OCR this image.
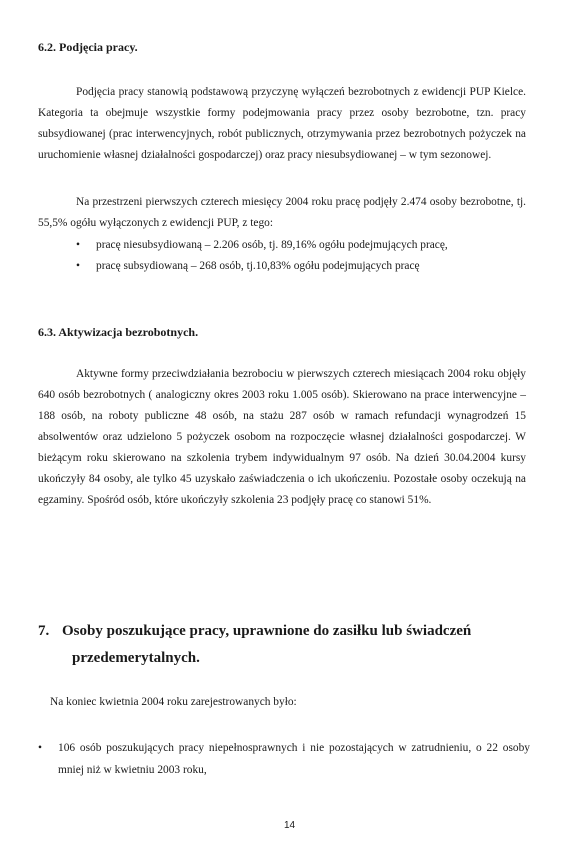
6.2. Podjęcia pracy.

Podjęcia pracy stanowią podstawową przyczynę wyłączeń bezrobotnych z ewidencji PUP Kielce. Kategoria ta obejmuje wszystkie formy podejmowania pracy przez osoby bezrobotne, tzn. pracy subsydiowanej (prac interwencyjnych, robót publicznych, otrzymywania przez bezrobotnych pożyczek na uruchomienie własnej działalności gospodarczej) oraz pracy niesubsydiowanej – w tym sezonowej.

Na przestrzeni pierwszych czterech miesięcy 2004 roku pracę podjęły 2.474 osoby bezrobotne, tj. 55,5% ogółu wyłączonych z ewidencji PUP, z tego:

• pracę niesubsydiowaną – 2.206 osób, tj. 89,16% ogółu podejmujących pracę,
• pracę subsydiowaną – 268 osób, tj.10,83% ogółu podejmujących pracę
6.3. Aktywizacja bezrobotnych.

Aktywne formy przeciwdziałania bezrobociu w pierwszych czterech miesiącach 2004 roku objęły 640 osób bezrobotnych ( analogiczny okres 2003 roku 1.005 osób). Skierowano na prace interwencyjne – 188 osób, na roboty publiczne 48 osób, na stażu 287 osób w ramach refundacji wynagrodzeń 15 absolwentów oraz udzielono 5 pożyczek osobom na rozpoczęcie własnej działalności gospodarczej. W bieżącym roku skierowano na szkolenia trybem indywidualnym 97 osób. Na dzień 30.04.2004 kursy ukończyły 84 osoby, ale tylko 45 uzyskało zaświadczenia o ich ukończeniu. Pozostałe osoby oczekują na egzaminy. Spośród osób, które ukończyły szkolenia 23 podjęły pracę co stanowi 51%.

7. Osoby poszukujące pracy, uprawnione do zasiłku lub świadczeń
przedemerytalnych.

Na koniec kwietnia 2004 roku zarejestrowanych było:

•	106 osób poszukujących pracy niepełnosprawnych i nie pozostających w zatrudnieniu, o 22 osoby mniej niż w kwietniu 2003 roku,
14
